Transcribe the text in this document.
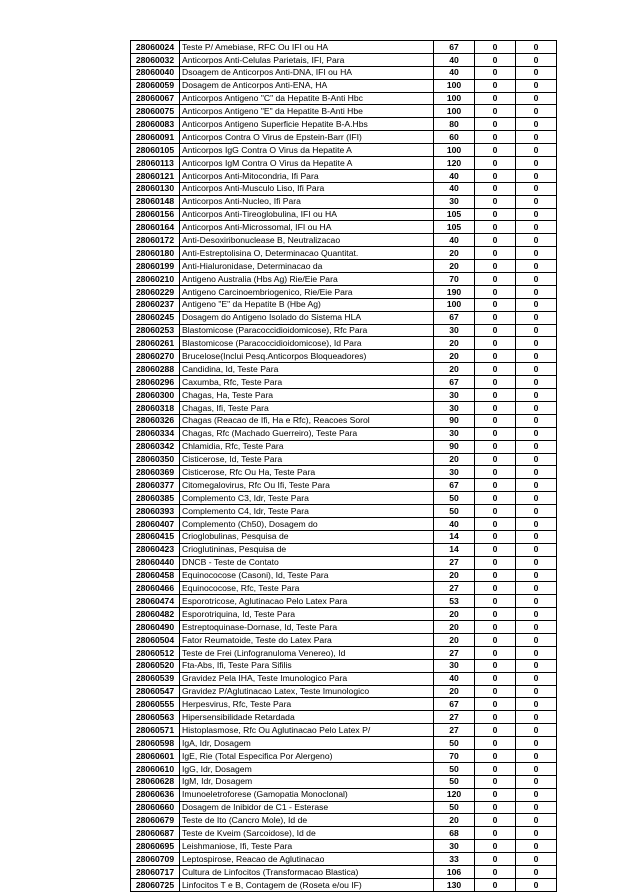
28060024	Teste P/ Amebiase, RFC Ou IFI ou HA	67	0	0
28060032	Anticorpos Anti-Celulas Parietais, IFI, Para	40	0	0
28060040	Dsoagem de Anticorpos Anti-DNA, IFI ou HA	40	0	0
28060059	Dosagem de Anticorpos Anti-ENA, HA	100	0	0
28060067	Anticorpos Antigeno "C" da Hepatite B-Anti Hbc	100	0	0
28060075	Anticorpos Antigeno "E" da Hepatite B-Anti Hbe	100	0	0
28060083	Anticorpos Antigeno Superficie Hepatite B-A.Hbs	80	0	0
28060091	Anticorpos Contra O Virus de Epstein-Barr (IFI)	60	0	0
28060105	Anticorpos IgG Contra O Virus da Hepatite A	100	0	0
28060113	Anticorpos IgM Contra O Virus da Hepatite A	120	0	0
28060121	Anticorpos Anti-Mitocondria, Ifi Para	40	0	0
28060130	Anticorpos Anti-Musculo Liso, Ifi Para	40	0	0
28060148	Anticorpos Anti-Nucleo, Ifi Para	30	0	0
28060156	Anticorpos Anti-Tireoglobulina, IFI ou HA	105	0	0
28060164	Anticorpos Anti-Microssomal, IFI ou HA	105	0	0
28060172	Anti-Desoxiribonuclease B, Neutralizacao	40	0	0
28060180	Anti-Estreptolisina O, Determinacao Quantitat.	20	0	0
28060199	Anti-Hialuronidase, Determinacao da	20	0	0
28060210	Antigeno Australia (Hbs Ag) Rie/Eie Para	70	0	0
28060229	Antigeno Carcinoembriogenico, Rie/Eie Para	190	0	0
28060237	Antigeno "E" da Hepatite B (Hbe Ag)	100	0	0
28060245	Dosagem do Antigeno Isolado do Sistema HLA	67	0	0
28060253	Blastomicose (Paracoccidioidomicose), Rfc Para	30	0	0
28060261	Blastomicose (Paracoccidioidomicose), Id Para	20	0	0
28060270	Brucelose(Inclui Pesq.Anticorpos Bloqueadores)	20	0	0
28060288	Candidina, Id, Teste Para	20	0	0
28060296	Caxumba, Rfc, Teste Para	67	0	0
28060300	Chagas, Ha, Teste Para	30	0	0
28060318	Chagas, Ifi, Teste Para	30	0	0
28060326	Chagas (Reacao de Ifi, Ha e Rfc), Reacoes Sorol	90	0	0
28060334	Chagas, Rfc (Machado Guerreiro), Teste Para	30	0	0
28060342	Chlamidia, Rfc, Teste Para	90	0	0
28060350	Cisticerose, Id, Teste Para	20	0	0
28060369	Cisticerose, Rfc Ou Ha, Teste Para	30	0	0
28060377	Citomegalovirus, Rfc Ou Ifi, Teste Para	67	0	0
28060385	Complemento C3, Idr, Teste Para	50	0	0
28060393	Complemento C4, Idr, Teste Para	50	0	0
28060407	Complemento (Ch50), Dosagem do	40	0	0
28060415	Crioglobulinas, Pesquisa de	14	0	0
28060423	Crioglutininas, Pesquisa de	14	0	0
28060440	DNCB - Teste de Contato	27	0	0
28060458	Equinococose (Casoni), Id, Teste Para	20	0	0
28060466	Equinococose, Rfc, Teste Para	27	0	0
28060474	Esporotricose, Aglutinacao Pelo Latex Para	53	0	0
28060482	Esporotriquina, Id, Teste Para	20	0	0
28060490	Estreptoquinase-Dornase, Id, Teste Para	20	0	0
28060504	Fator Reumatoide, Teste do Latex Para	20	0	0
28060512	Teste de Frei (Linfogranuloma Venereo), Id	27	0	0
28060520	Fta-Abs, Ifi, Teste Para Sifilis	30	0	0
28060539	Gravidez Pela IHA, Teste Imunologico Para	40	0	0
28060547	Gravidez P/Aglutinacao Latex, Teste Imunologico	20	0	0
28060555	Herpesvirus, Rfc, Teste Para	67	0	0
28060563	Hipersensibilidade Retardada	27	0	0
28060571	Histoplasmose, Rfc Ou Aglutinacao Pelo Latex P/	27	0	0
28060598	IgA, Idr, Dosagem	50	0	0
28060601	IgE, Rie (Total Especifica Por Alergeno)	70	0	0
28060610	IgG, Idr, Dosagem	50	0	0
28060628	IgM, Idr, Dosagem	50	0	0
28060636	Imunoeletroforese (Gamopatia Monoclonal)	120	0	0
28060660	Dosagem de Inibidor de C1 - Esterase	50	0	0
28060679	Teste de Ito (Cancro Mole), Id de	20	0	0
28060687	Teste de Kveim (Sarcoidose), Id de	68	0	0
28060695	Leishmaniose, Ifi, Teste Para	30	0	0
28060709	Leptospirose, Reacao de Aglutinacao	33	0	0
28060717	Cultura de Linfocitos (Transformacao Blastica)	106	0	0
28060725	Linfocitos T e B, Contagem de (Roseta e/ou IF)	130	0	0
